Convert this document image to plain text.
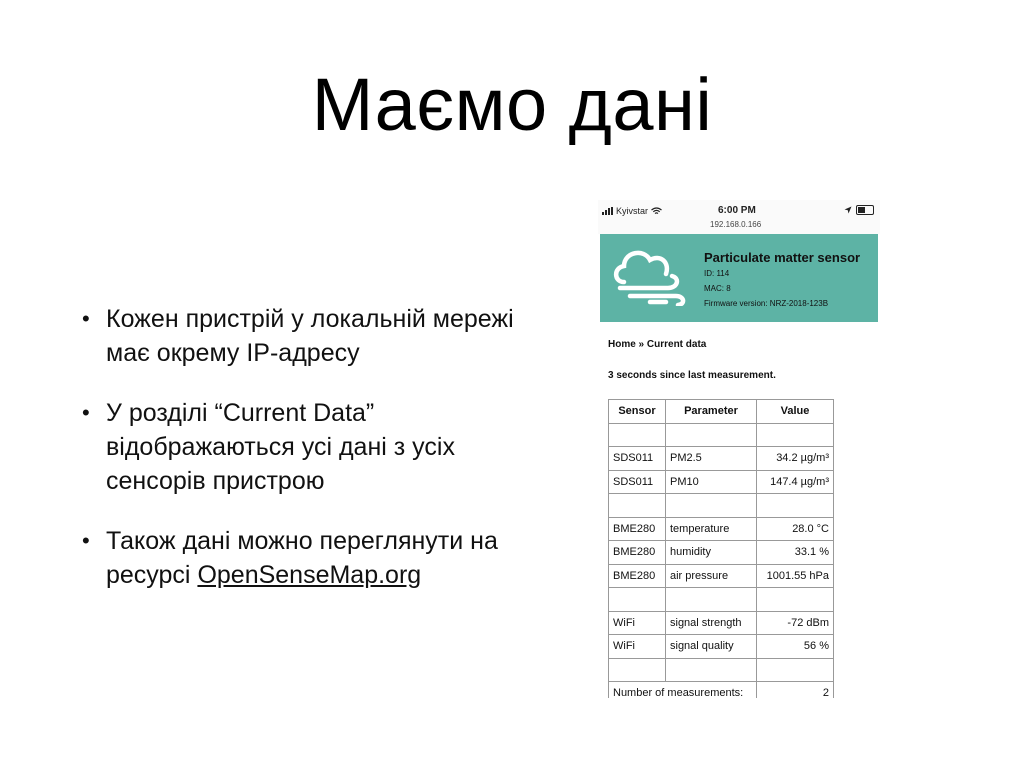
Маємо дані
• Кожен пристрій у локальній мережі має окрему IP-адресу
• У розділі “Current Data” відображаються усі дані з усіх сенсорів пристрою
• Також дані можно переглянути на ресурсі OpenSenseMap.org
Kyivstar	6:00 PM
192.168.0.166
Particulate matter sensor
ID: 114
MAC: 8
Firmware version: NRZ-2018-123B
Home » Current data
3 seconds since last measurement.
Sensor	Parameter	Value

SDS011	PM2.5	34.2 µg/m³
SDS011	PM10	147.4 µg/m³

BME280	temperature	28.0 °C
BME280	humidity	33.1 %
BME280	air pressure	1001.55 hPa

WiFi	signal strength	-72 dBm
WiFi	signal quality	56 %

Number of measurements:		2
